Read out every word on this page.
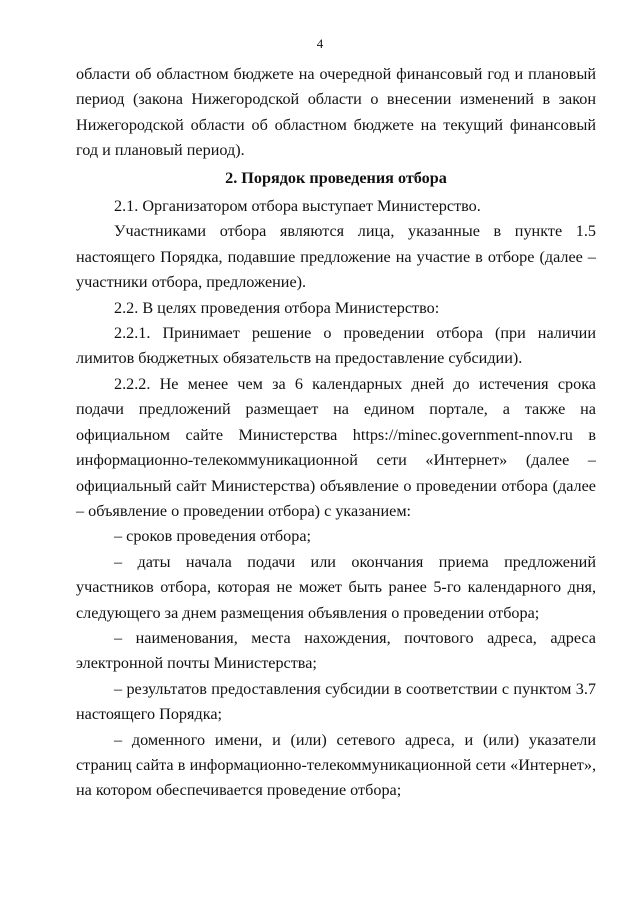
4

области об областном бюджете на очередной финансовый год и плановый период (закона Нижегородской области о внесении изменений в закон Нижегородской области об областном бюджете на текущий финансовый год и плановый период).

2. Порядок проведения отбора

2.1. Организатором отбора выступает Министерство.

Участниками отбора являются лица, указанные в пункте 1.5 настоящего Порядка, подавшие предложение на участие в отборе (далее – участники отбора, предложение).

2.2. В целях проведения отбора Министерство:

2.2.1. Принимает решение о проведении отбора (при наличии лимитов бюджетных обязательств на предоставление субсидии).

2.2.2. Не менее чем за 6 календарных дней до истечения срока подачи предложений размещает на едином портале, а также на официальном сайте Министерства https://minec.government-nnov.ru в информационно-телекоммуникационной сети «Интернет» (далее – официальный сайт Министерства) объявление о проведении отбора (далее – объявление о проведении отбора) с указанием:

– сроков проведения отбора;

– даты начала подачи или окончания приема предложений участников отбора, которая не может быть ранее 5-го календарного дня, следующего за днем размещения объявления о проведении отбора;

– наименования, места нахождения, почтового адреса, адреса электронной почты Министерства;

– результатов предоставления субсидии в соответствии с пунктом 3.7 настоящего Порядка;

– доменного имени, и (или) сетевого адреса, и (или) указатели страниц сайта в информационно-телекоммуникационной сети «Интернет», на котором обеспечивается проведение отбора;
